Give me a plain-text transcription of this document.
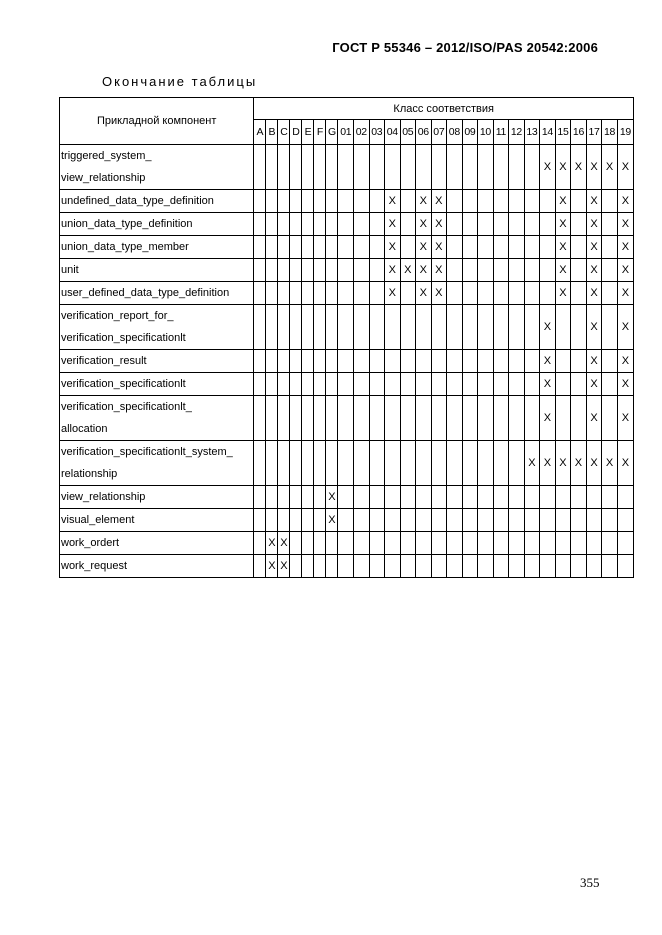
ГОСТ Р 55346 – 2012/ISO/PAS 20542:2006
Окончание таблицы
Прикладной компонент	Класс соответствия																									
	A	B	C	D	E	F	G	01	02	03	04	05	06	07	08	09	10	11	12	13	14	15	16	17	18	19

triggered_system_
view_relationship																					X	X	X	X	X	X

undefined_data_type_definition											X		X	X								X		X		X

union_data_type_definition											X		X	X								X		X		X

union_data_type_member											X		X	X								X		X		X

unit											X	X	X	X								X		X		X

user_defined_data_type_definition											X		X	X								X		X		X

verification_report_for_
verification_specificationlt																					X			X		X

verification_result																					X			X		X

verification_specificationlt																					X			X		X

verification_specificationlt_
allocation																					X			X		X

verification_specificationlt_system_
relationship																				X	X	X	X	X	X	X

view_relationship							X																			

visual_element							X																			

work_ordert		X	X																							

work_request		X	X																							
355
